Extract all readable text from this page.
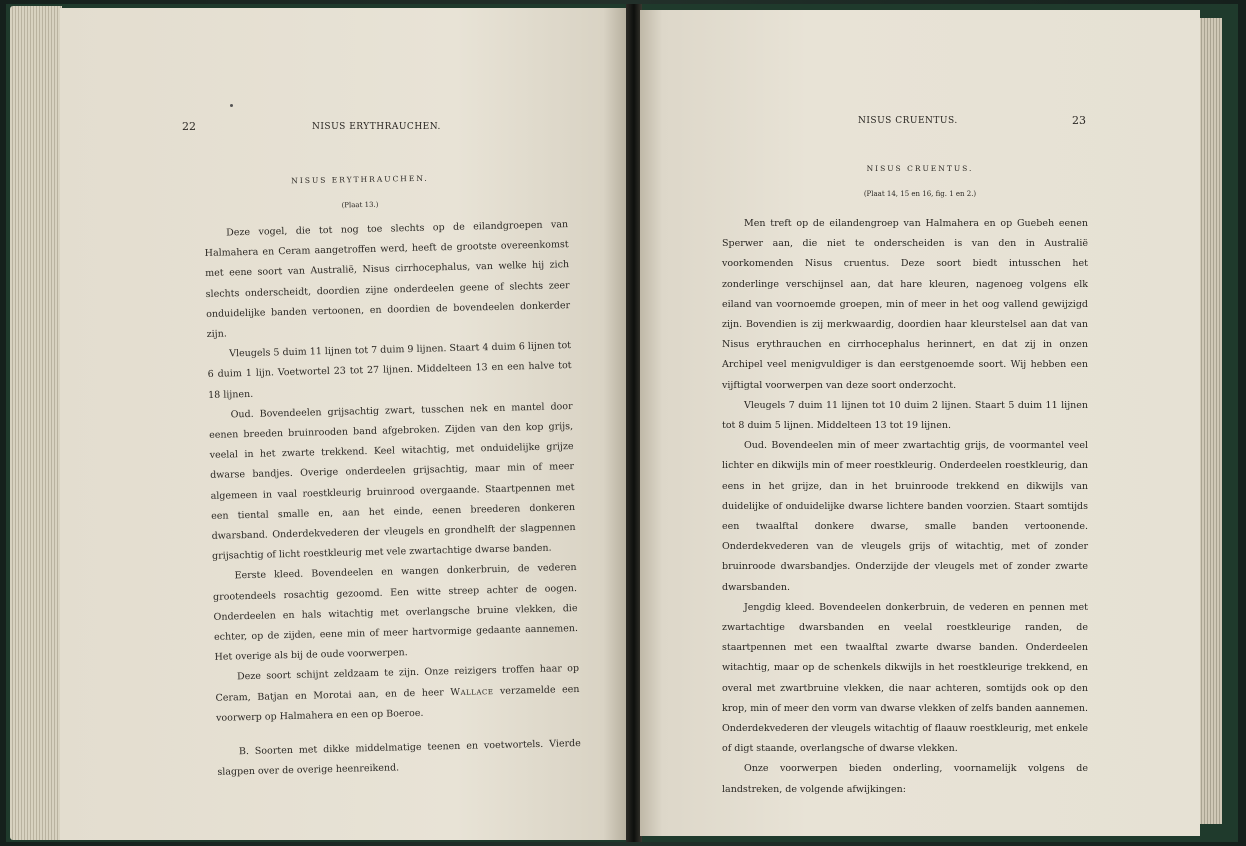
22	NISUS ERYTHRAUCHEN.
NISUS ERYTHRAUCHEN.
(Plaat 13.)

Deze vogel, die tot nog toe slechts op de eilandgroepen van Halmahera en Ceram aangetroffen werd, heeft de grootste overeenkomst met eene soort van Australië, Nisus cirrhocephalus, van welke hij zich slechts onderscheidt, doordien zijne onderdeelen geene of slechts zeer onduidelijke banden vertoonen, en doordien de bovendeelen donkerder zijn.

Vleugels 5 duim 11 lijnen tot 7 duim 9 lijnen. Staart 4 duim 6 lijnen tot 6 duim 1 lijn. Voetwortel 23 tot 27 lijnen. Middelteen 13 en een halve tot 18 lijnen.

Oud. Bovendeelen grijsachtig zwart, tusschen nek en mantel door eenen breeden bruinrooden band afgebroken. Zijden van den kop grijs, veelal in het zwarte trekkend. Keel witachtig, met onduidelijke grijze dwarse bandjes. Overige onderdeelen grijsachtig, maar min of meer algemeen in vaal roestkleurig bruinrood overgaande. Staartpennen met een tiental smalle en, aan het einde, eenen breederen donkeren dwarsband. Onderdekvederen der vleugels en grondhelft der slagpennen grijsachtig of licht roestkleurig met vele zwartachtige dwarse banden.

Eerste kleed. Bovendeelen en wangen donkerbruin, de vederen grootendeels rosachtig gezoomd. Een witte streep achter de oogen. Onderdeelen en hals witachtig met overlangsche bruine vlekken, die echter, op de zijden, eene min of meer hartvormige gedaante aannemen. Het overige als bij de oude voorwerpen.

Deze soort schijnt zeldzaam te zijn. Onze reizigers troffen haar op Ceram, Batjan en Morotai aan, en de heer Wallace verzamelde een voorwerp op Halmahera en een op Boeroe.

B. Soorten met dikke middelmatige teenen en voetwortels. Vierde slagpen over de overige heenreikend.

NISUS CRUENTUS.	23
NISUS CRUENTUS.
(Plaat 14, 15 en 16, fig. 1 en 2.)

Men treft op de eilandengroep van Halmahera en op Guebeh eenen Sperwer aan, die niet te onderscheiden is van den in Australië voorkomenden Nisus cruentus. Deze soort biedt intusschen het zonderlinge verschijnsel aan, dat hare kleuren, nagenoeg volgens elk eiland van voornoemde groepen, min of meer in het oog vallend gewijzigd zijn. Bovendien is zij merkwaardig, doordien haar kleurstelsel aan dat van Nisus erythrauchen en cirrhocephalus herinnert, en dat zij in onzen Archipel veel menigvuldiger is dan eerstgenoemde soort. Wij hebben een vijftigtal voorwerpen van deze soort onderzocht.

Vleugels 7 duim 11 lijnen tot 10 duim 2 lijnen. Staart 5 duim 11 lijnen tot 8 duim 5 lijnen. Middelteen 13 tot 19 lijnen.

Oud. Bovendeelen min of meer zwartachtig grijs, de voormantel veel lichter en dikwijls min of meer roestkleurig. Onderdeelen roestkleurig, dan eens in het grijze, dan in het bruinroode trekkend en dikwijls van duidelijke of onduidelijke dwarse lichtere banden voorzien. Staart somtijds een twaalftal donkere dwarse, smalle banden vertoonende. Onderdekvederen van de vleugels grijs of witachtig, met of zonder bruinroode dwarsbandjes. Onderzijde der vleugels met of zonder zwarte dwarsbanden.

Jengdig kleed. Bovendeelen donkerbruin, de vederen en pennen met zwartachtige dwarsbanden en veelal roestkleurige randen, de staartpennen met een twaalftal zwarte dwarse banden. Onderdeelen witachtig, maar op de schenkels dikwijls in het roestkleurige trekkend, en overal met zwartbruine vlekken, die naar achteren, somtijds ook op den krop, min of meer den vorm van dwarse vlekken of zelfs banden aannemen. Onderdekvederen der vleugels witachtig of flaauw roestkleurig, met enkele of digt staande, overlangsche of dwarse vlekken.

Onze voorwerpen bieden onderling, voornamelijk volgens de landstreken, de volgende afwijkingen:
